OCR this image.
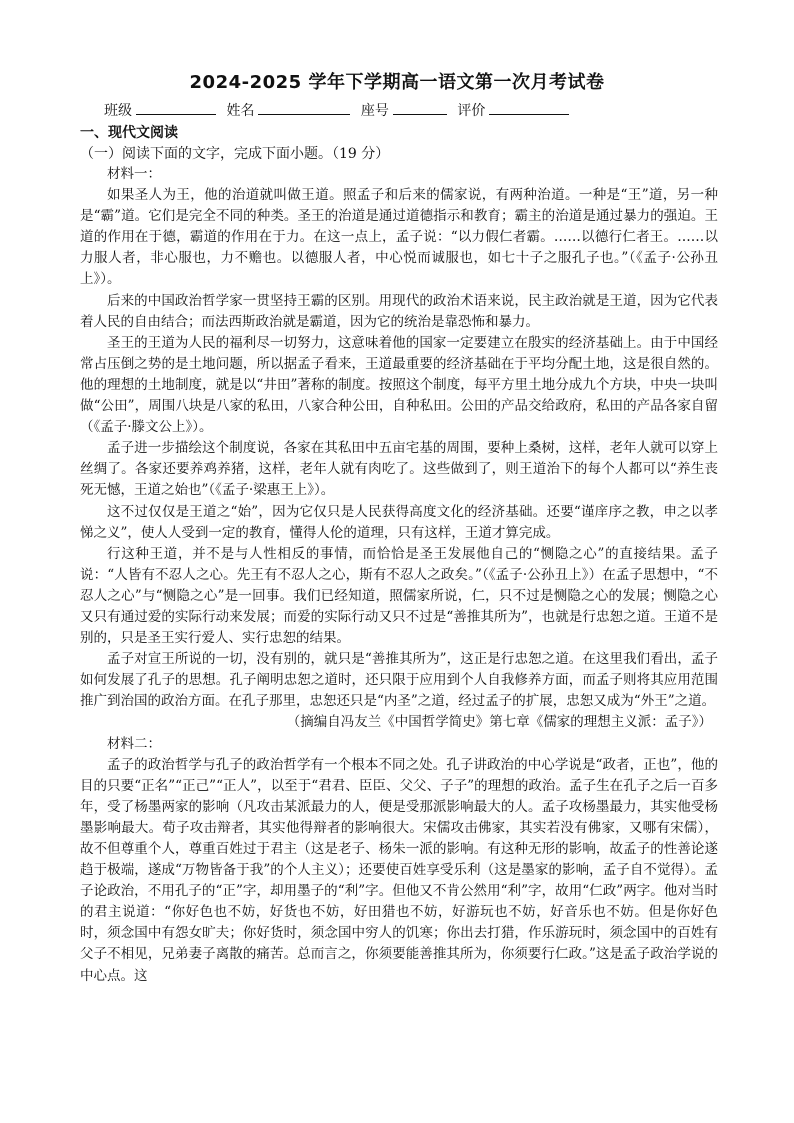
2024-2025 学年下学期高一语文第一次月考试卷
班级	姓名	座号	评价
一、现代文阅读
（一）阅读下面的文字，完成下面小题。（19 分）

材料一：

如果圣人为王，他的治道就叫做王道。照孟子和后来的儒家说，有两种治道。一种是“王”道，另一种是“霸”道。它们是完全不同的种类。圣王的治道是通过道德指示和教育；霸主的治道是通过暴力的强迫。王道的作用在于德，霸道的作用在于力。在这一点上，孟子说：“以力假仁者霸。……以德行仁者王。……以力服人者，非心服也，力不赡也。以德服人者，中心悦而诚服也，如七十子之服孔子也。”（《孟子·公孙丑上》）。

后来的中国政治哲学家一贯坚持王霸的区别。用现代的政治术语来说，民主政治就是王道，因为它代表着人民的自由结合；而法西斯政治就是霸道，因为它的统治是靠恐怖和暴力。

圣王的王道为人民的福利尽一切努力，这意味着他的国家一定要建立在殷实的经济基础上。由于中国经常占压倒之势的是土地问题，所以据孟子看来，王道最重要的经济基础在于平均分配土地，这是很自然的。他的理想的土地制度，就是以“井田”著称的制度。按照这个制度，每平方里土地分成九个方块，中央一块叫做“公田”，周围八块是八家的私田，八家合种公田，自种私田。公田的产品交给政府，私田的产品各家自留（《孟子·滕文公上》）。

孟子进一步描绘这个制度说，各家在其私田中五亩宅基的周围，要种上桑树，这样，老年人就可以穿上丝绸了。各家还要养鸡养猪，这样，老年人就有肉吃了。这些做到了，则王道治下的每个人都可以“养生丧死无憾，王道之始也”（《孟子·梁惠王上》）。

这不过仅仅是王道之“始”，因为它仅只是人民获得高度文化的经济基础。还要“谨庠序之教，申之以孝悌之义”，使人人受到一定的教育，懂得人伦的道理，只有这样，王道才算完成。

行这种王道，并不是与人性相反的事情，而恰恰是圣王发展他自己的“恻隐之心”的直接结果。孟子说：“人皆有不忍人之心。先王有不忍人之心，斯有不忍人之政矣。”（《孟子·公孙丑上》）在孟子思想中，“不忍人之心”与“恻隐之心”是一回事。我们已经知道，照儒家所说，仁，只不过是恻隐之心的发展；恻隐之心又只有通过爱的实际行动来发展；而爱的实际行动又只不过是“善推其所为”，也就是行忠恕之道。王道不是别的，只是圣王实行爱人、实行忠恕的结果。

孟子对宣王所说的一切，没有别的，就只是“善推其所为”，这正是行忠恕之道。在这里我们看出，孟子如何发展了孔子的思想。孔子阐明忠恕之道时，还只限于应用到个人自我修养方面，而孟子则将其应用范围推广到治国的政治方面。在孔子那里，忠恕还只是“内圣”之道，经过孟子的扩展，忠恕又成为“外王”之道。

（摘编自冯友兰《中国哲学简史》第七章《儒家的理想主义派：孟子》）

材料二：

孟子的政治哲学与孔子的政治哲学有一个根本不同之处。孔子讲政治的中心学说是“政者，正也”，他的目的只要“正名”“正己”“正人”，以至于“君君、臣臣、父父、子子”的理想的政治。孟子生在孔子之后一百多年，受了杨墨两家的影响（凡攻击某派最力的人，便是受那派影响最大的人。孟子攻杨墨最力，其实他受杨墨影响最大。荀子攻击辩者，其实他得辩者的影响很大。宋儒攻击佛家，其实若没有佛家，又哪有宋儒），故不但尊重个人，尊重百姓过于君主（这是老子、杨朱一派的影响。有这种无形的影响，故孟子的性善论遂趋于极端，遂成“万物皆备于我”的个人主义）；还要使百姓享受乐利（这是墨家的影响，孟子自不觉得）。孟子论政治，不用孔子的“正”字，却用墨子的“利”字。但他又不肯公然用“利”字，故用“仁政”两字。他对当时的君主说道：“你好色也不妨，好货也不妨，好田猎也不妨，好游玩也不妨，好音乐也不妨。但是你好色时，须念国中有怨女旷夫；你好货时，须念国中穷人的饥寒；你出去打猎，作乐游玩时，须念国中的百姓有父子不相见，兄弟妻子离散的痛苦。总而言之，你须要能善推其所为，你须要行仁政。”这是孟子政治学说的中心点。这
